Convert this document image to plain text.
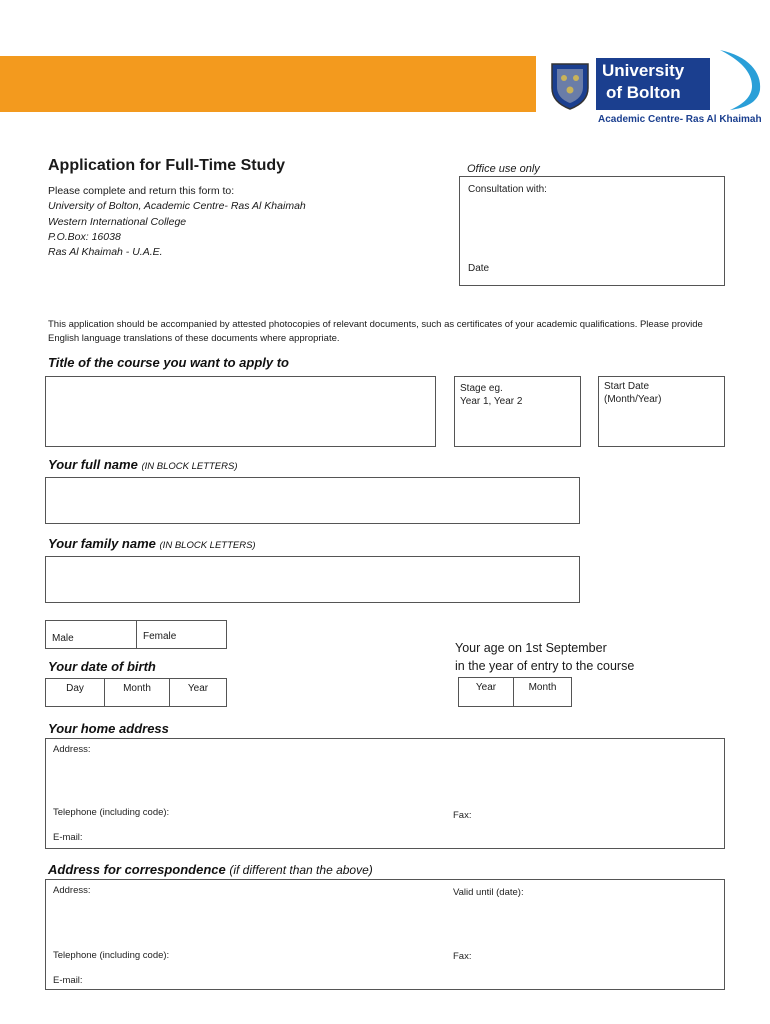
University
of Bolton
Academic Centre- Ras Al Khaimah
Application for Full-Time Study
Please complete and return this form to:
University of Bolton, Academic Centre- Ras Al Khaimah
Western International College
P.O.Box: 16038
Ras Al Khaimah - U.A.E.
Office use only
Consultation with:
Date
This application should be accompanied by attested photocopies of relevant documents, such as certificates of your academic qualifications. Please provide English language translations of these documents where appropriate.
Title of the course you want to apply to
Stage eg.
Year 1, Year 2
Start Date
(Month/Year)
Your full name (IN BLOCK LETTERS)
Your family name (IN BLOCK LETTERS)
Male	Female
Your date of birth
Day	Month	Year
Your age on 1st September
in the year of entry to the course
Year	Month
Your home address
Address:
Telephone (including code):	Fax:
E-mail:
Address for correspondence (if different than the above)
Address:	Valid until (date):
Telephone (including code):	Fax:
E-mail:
